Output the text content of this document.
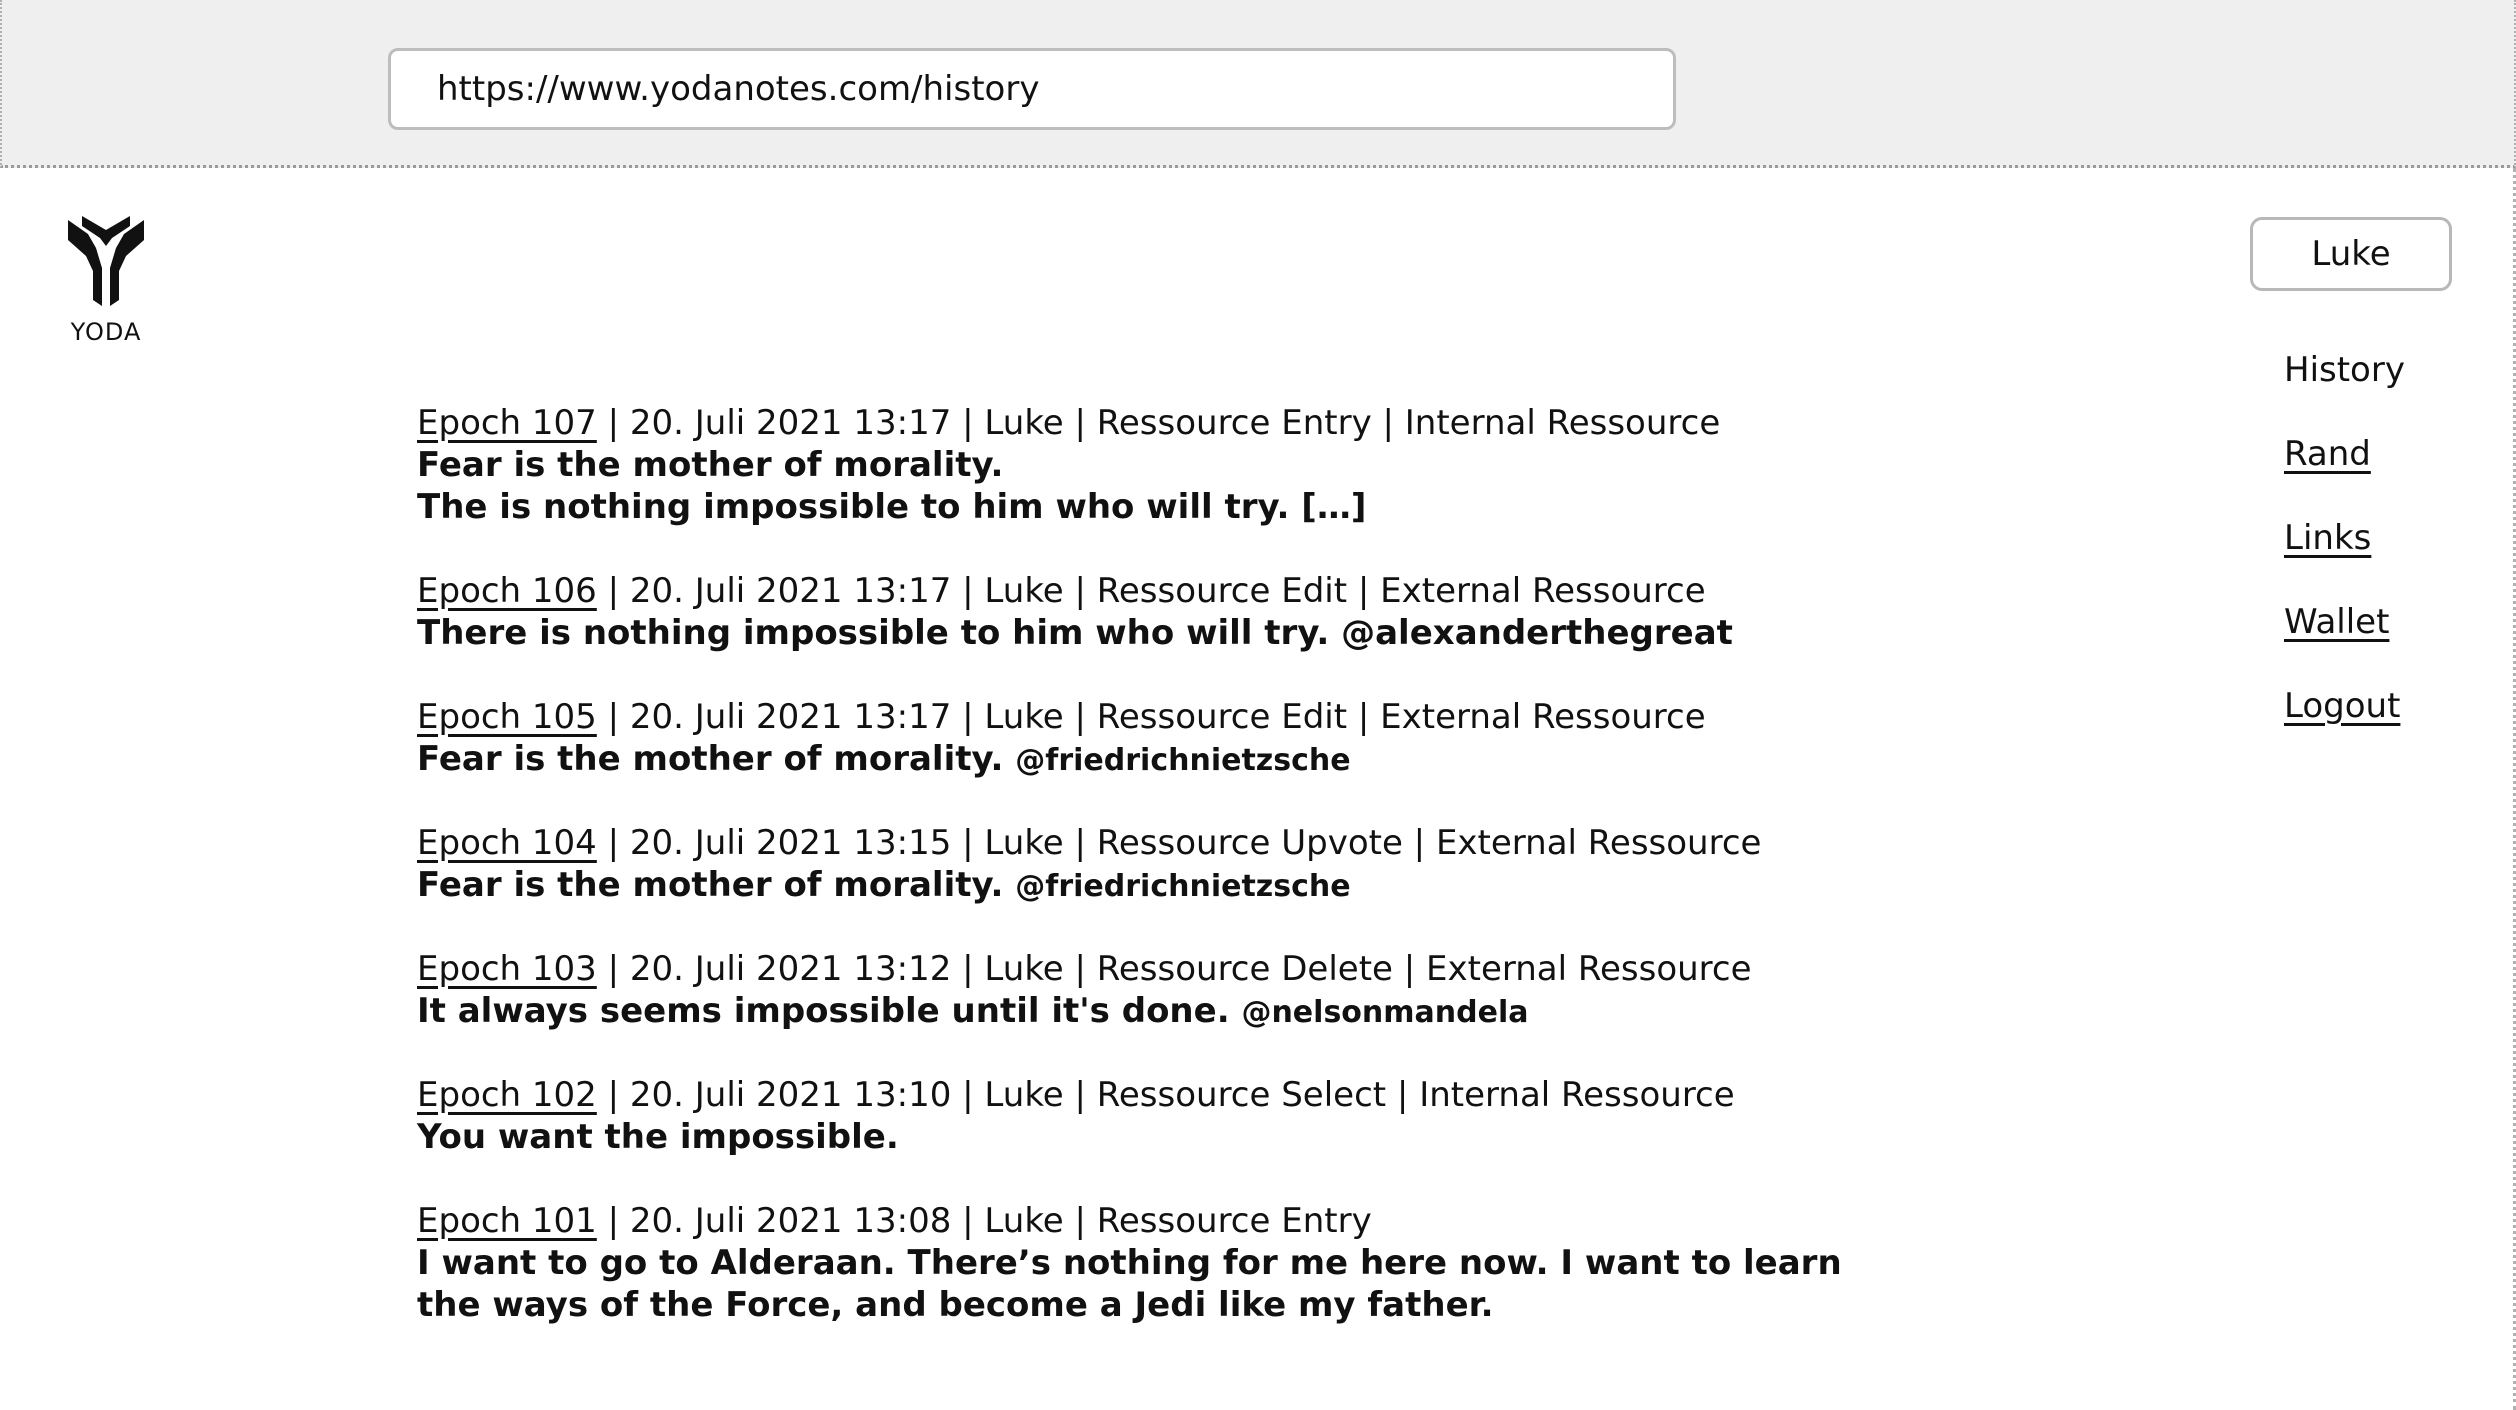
https://www.yodanotes.com/history
YODA
Luke
History
Rand
Links
Wallet
Logout
Epoch 107 | 20. Juli 2021 13:17 | Luke | Ressource Entry | Internal Ressource
Fear is the mother of morality.
The is nothing impossible to him who will try. […]
Epoch 106 | 20. Juli 2021 13:17 | Luke | Ressource Edit | External Ressource
There is nothing impossible to him who will try. @alexanderthegreat
Epoch 105 | 20. Juli 2021 13:17 | Luke | Ressource Edit | External Ressource
Fear is the mother of morality. @friedrichnietzsche
Epoch 104 | 20. Juli 2021 13:15 | Luke | Ressource Upvote | External Ressource
Fear is the mother of morality. @friedrichnietzsche
Epoch 103 | 20. Juli 2021 13:12 | Luke | Ressource Delete | External Ressource
It always seems impossible until it's done. @nelsonmandela
Epoch 102 | 20. Juli 2021 13:10 | Luke | Ressource Select | Internal Ressource
You want the impossible.
Epoch 101 | 20. Juli 2021 13:08 | Luke | Ressource Entry
I want to go to Alderaan. There’s nothing for me here now. I want to learn the ways of the Force, and become a Jedi like my father.
